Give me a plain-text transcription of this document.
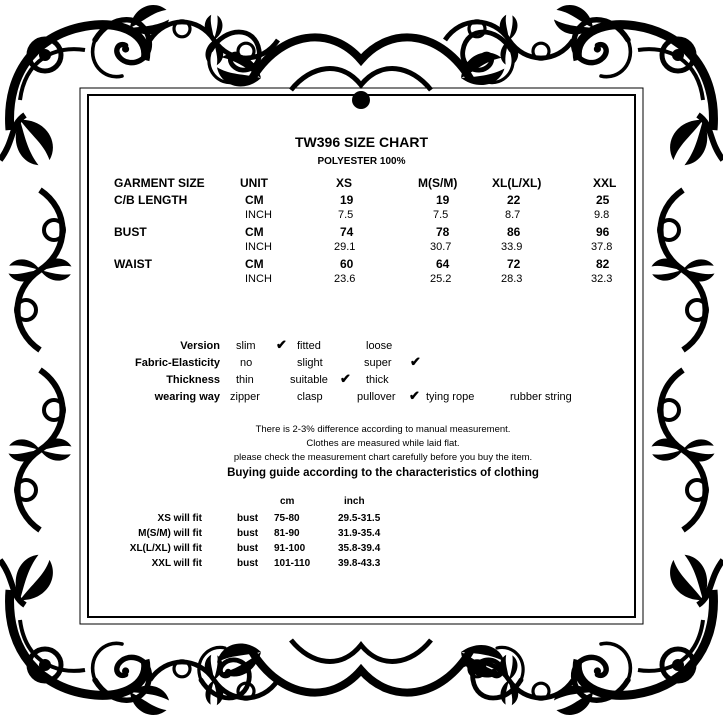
TW396 SIZE CHART
POLYESTER 100%
GARMENT SIZE	UNIT	XS	M(S/M)	XL(L/XL)	XXL
C/B LENGTH	CM	19	19	22	25
INCH	7.5	7.5	8.7	9.8
BUST	CM	74	78	86	96
INCH	29.1	30.7	33.9	37.8
WAIST	CM	60	64	72	82
INCH	23.6	25.2	28.3	32.3
Version slim ✔ fitted	loose
Fabric-Elasticity no	slight	super ✔
Thickness thin	suitable ✔ thick
wearing way zipper	clasp	pullover ✔ tying rope	rubber string
There is 2-3% difference according to manual measurement.
Clothes are measured while laid flat.
please check the measurement chart carefully before you buy the item.
Buying guide according to the characteristics of clothing
cm	inch
XS will fit	bust 75-80	29.5-31.5
M(S/M) will fit	bust 81-90	31.9-35.4
XL(L/XL) will fit	bust 91-100	35.8-39.4
XXL will fit	bust 101-110	39.8-43.3
